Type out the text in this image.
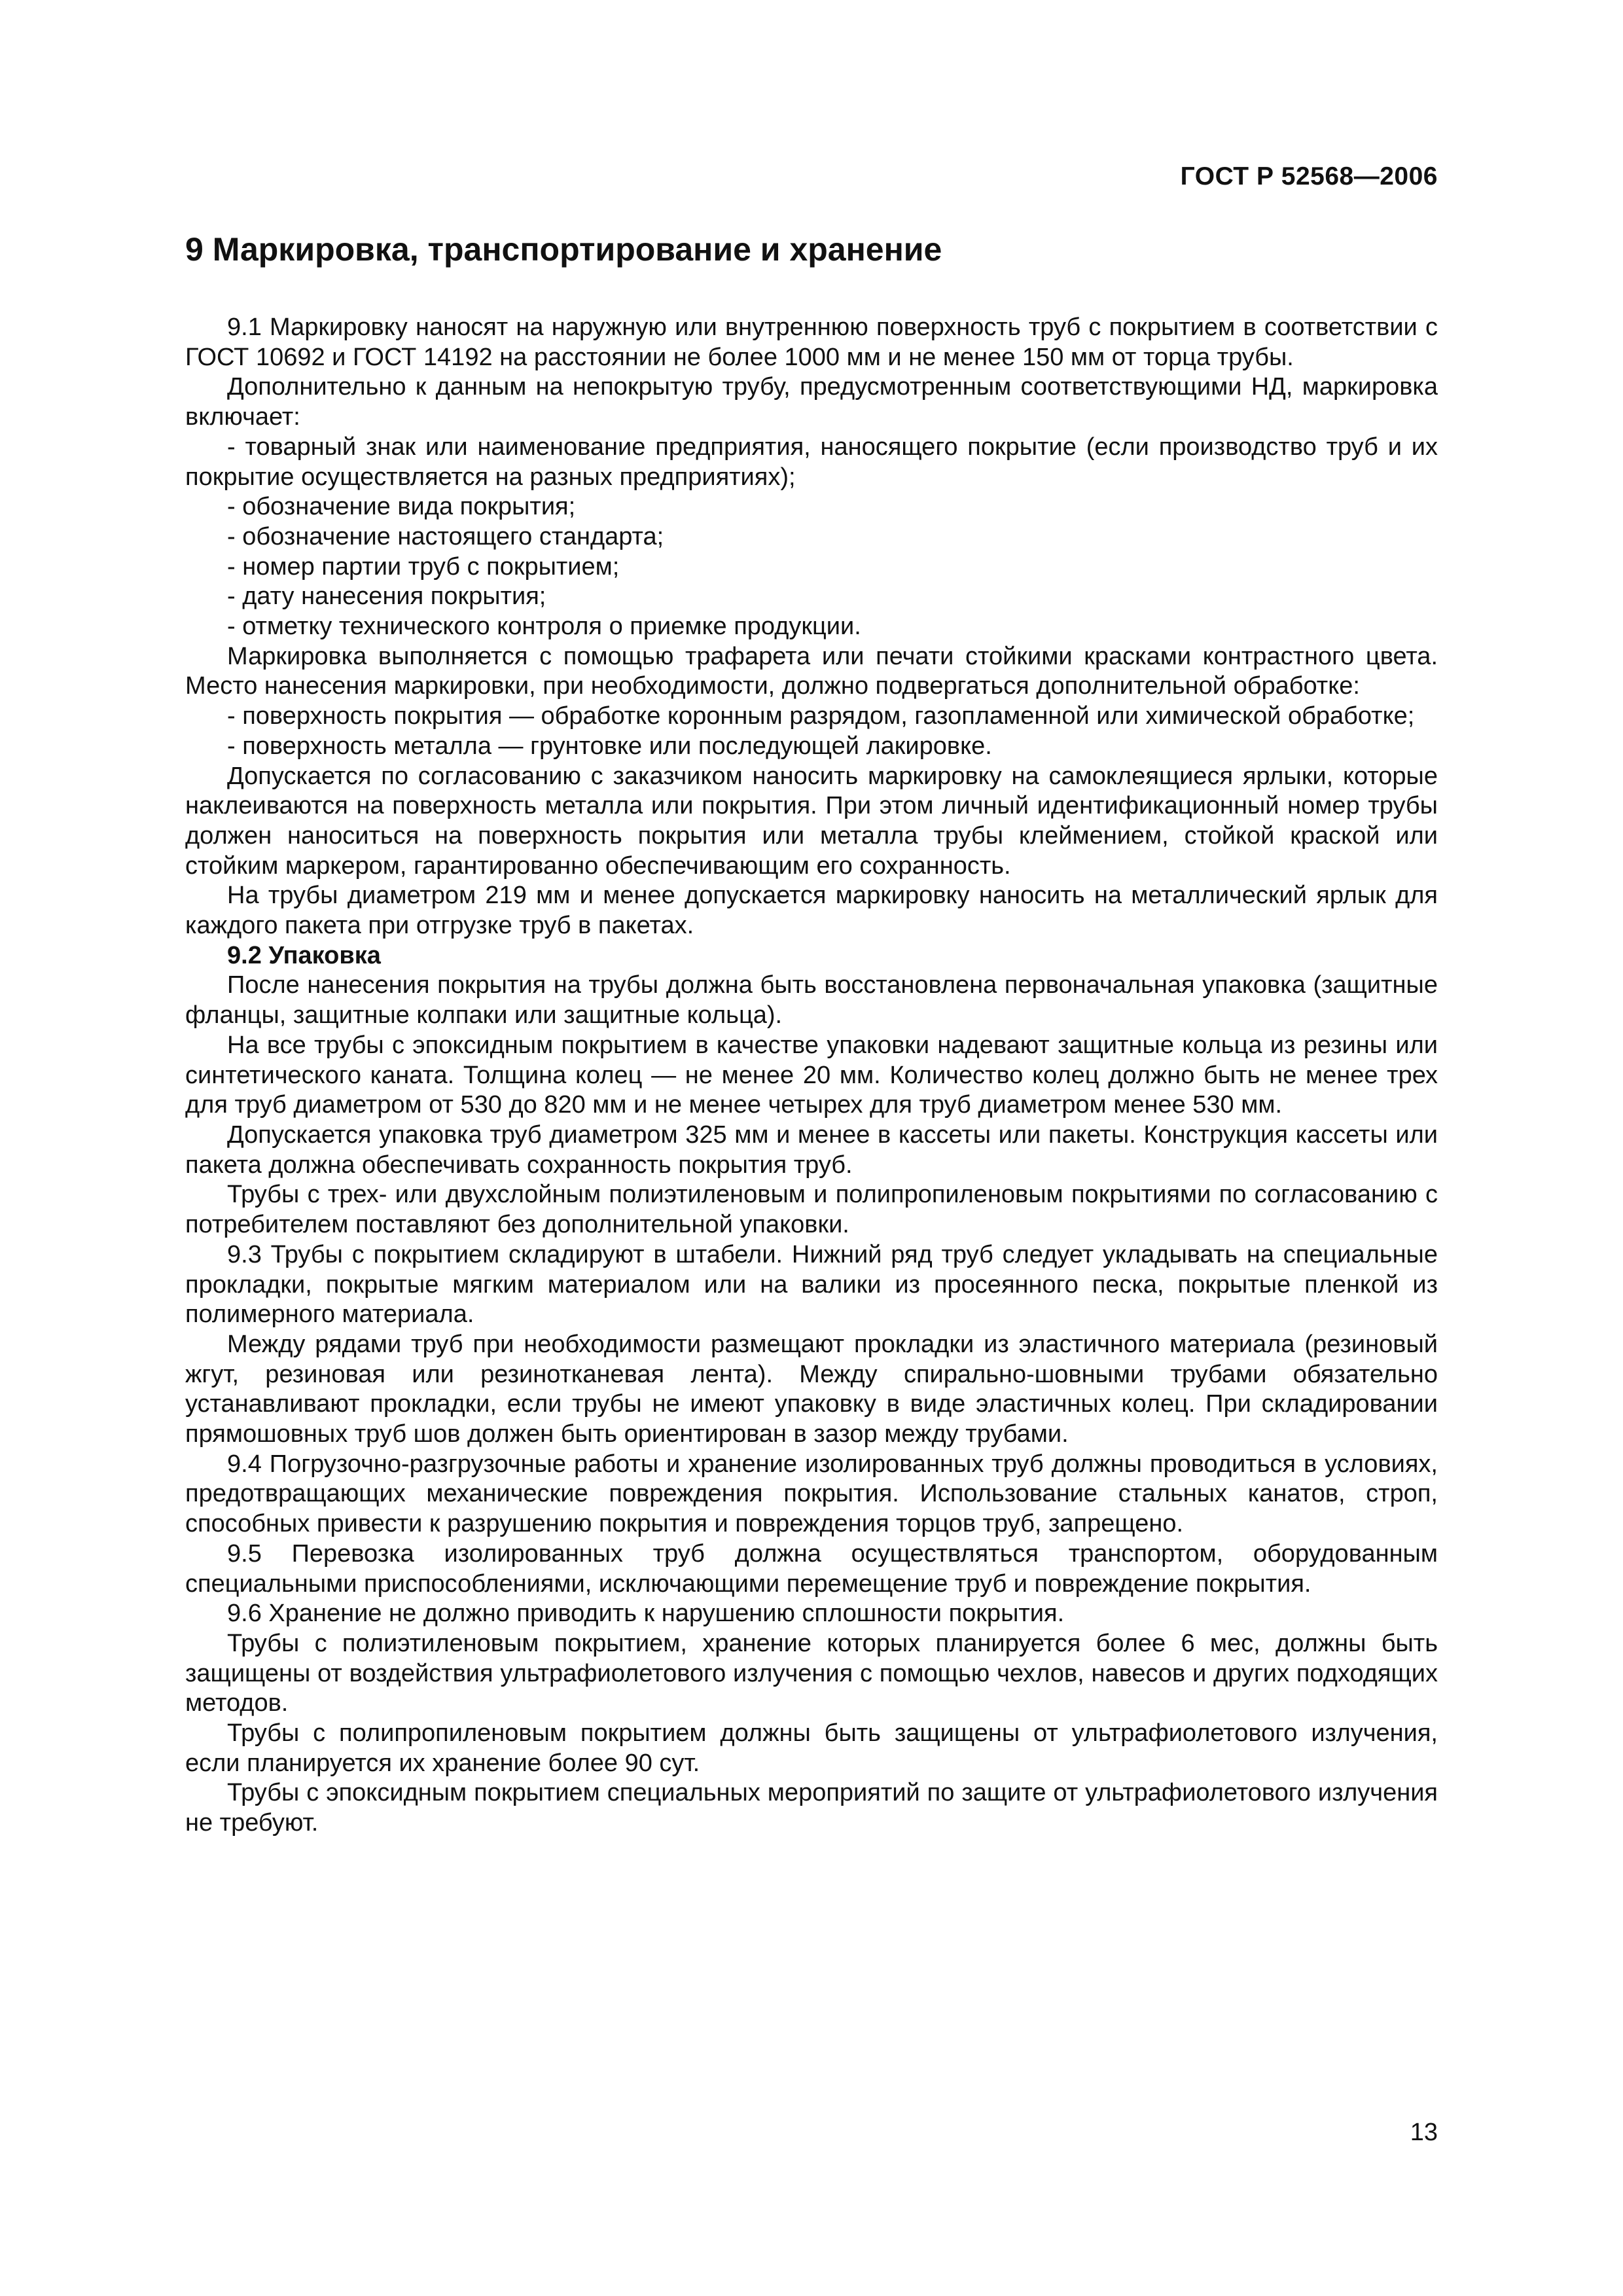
ГОСТ Р 52568—2006
9 Маркировка, транспортирование и хранение

9.1 Маркировку наносят на наружную или внутреннюю поверхность труб с покрытием в соответствии с ГОСТ 10692 и ГОСТ 14192 на расстоянии не более 1000 мм и не менее 150 мм от торца трубы.

Дополнительно к данным на непокрытую трубу, предусмотренным соответствующими НД, маркировка включает:

- товарный знак или наименование предприятия, наносящего покрытие (если производство труб и их покрытие осуществляется на разных предприятиях);

- обозначение вида покрытия;

- обозначение настоящего стандарта;

- номер партии труб с покрытием;

- дату нанесения покрытия;

- отметку технического контроля о приемке продукции.

Маркировка выполняется с помощью трафарета или печати стойкими красками контрастного цвета. Место нанесения маркировки, при необходимости, должно подвергаться дополнительной обработке:

- поверхность покрытия — обработке коронным разрядом, газопламенной или химической обработке;

- поверхность металла — грунтовке или последующей лакировке.

Допускается по согласованию с заказчиком наносить маркировку на самоклеящиеся ярлыки, которые наклеиваются на поверхность металла или покрытия. При этом личный идентификационный номер трубы должен наноситься на поверхность покрытия или металла трубы клеймением, стойкой краской или стойким маркером, гарантированно обеспечивающим его сохранность.

На трубы диаметром 219 мм и менее допускается маркировку наносить на металлический ярлык для каждого пакета при отгрузке труб в пакетах.

9.2 Упаковка

После нанесения покрытия на трубы должна быть восстановлена первоначальная упаковка (защитные фланцы, защитные колпаки или защитные кольца).

На все трубы с эпоксидным покрытием в качестве упаковки надевают защитные кольца из резины или синтетического каната. Толщина колец — не менее 20 мм. Количество колец должно быть не менее трех для труб диаметром от 530 до 820 мм и не менее четырех для труб диаметром менее 530 мм.

Допускается упаковка труб диаметром 325 мм и менее в кассеты или пакеты. Конструкция кассеты или пакета должна обеспечивать сохранность покрытия труб.

Трубы с трех- или двухслойным полиэтиленовым и полипропиленовым покрытиями по согласованию с потребителем поставляют без дополнительной упаковки.

9.3 Трубы с покрытием складируют в штабели. Нижний ряд труб следует укладывать на специальные прокладки, покрытые мягким материалом или на валики из просеянного песка, покрытые пленкой из полимерного материала.

Между рядами труб при необходимости размещают прокладки из эластичного материала (резиновый жгут, резиновая или резинотканевая лента). Между спирально-шовными трубами обязательно устанавливают прокладки, если трубы не имеют упаковку в виде эластичных колец. При складировании прямошовных труб шов должен быть ориентирован в зазор между трубами.

9.4 Погрузочно-разгрузочные работы и хранение изолированных труб должны проводиться в условиях, предотвращающих механические повреждения покрытия. Использование стальных канатов, строп, способных привести к разрушению покрытия и повреждения торцов труб, запрещено.

9.5 Перевозка изолированных труб должна осуществляться транспортом, оборудованным специальными приспособлениями, исключающими перемещение труб и повреждение покрытия.

9.6 Хранение не должно приводить к нарушению сплошности покрытия.

Трубы с полиэтиленовым покрытием, хранение которых планируется более 6 мес, должны быть защищены от воздействия ультрафиолетового излучения с помощью чехлов, навесов и других подходящих методов.

Трубы с полипропиленовым покрытием должны быть защищены от ультрафиолетового излучения, если планируется их хранение более 90 сут.

Трубы с эпоксидным покрытием специальных мероприятий по защите от ультрафиолетового излучения не требуют.

13
